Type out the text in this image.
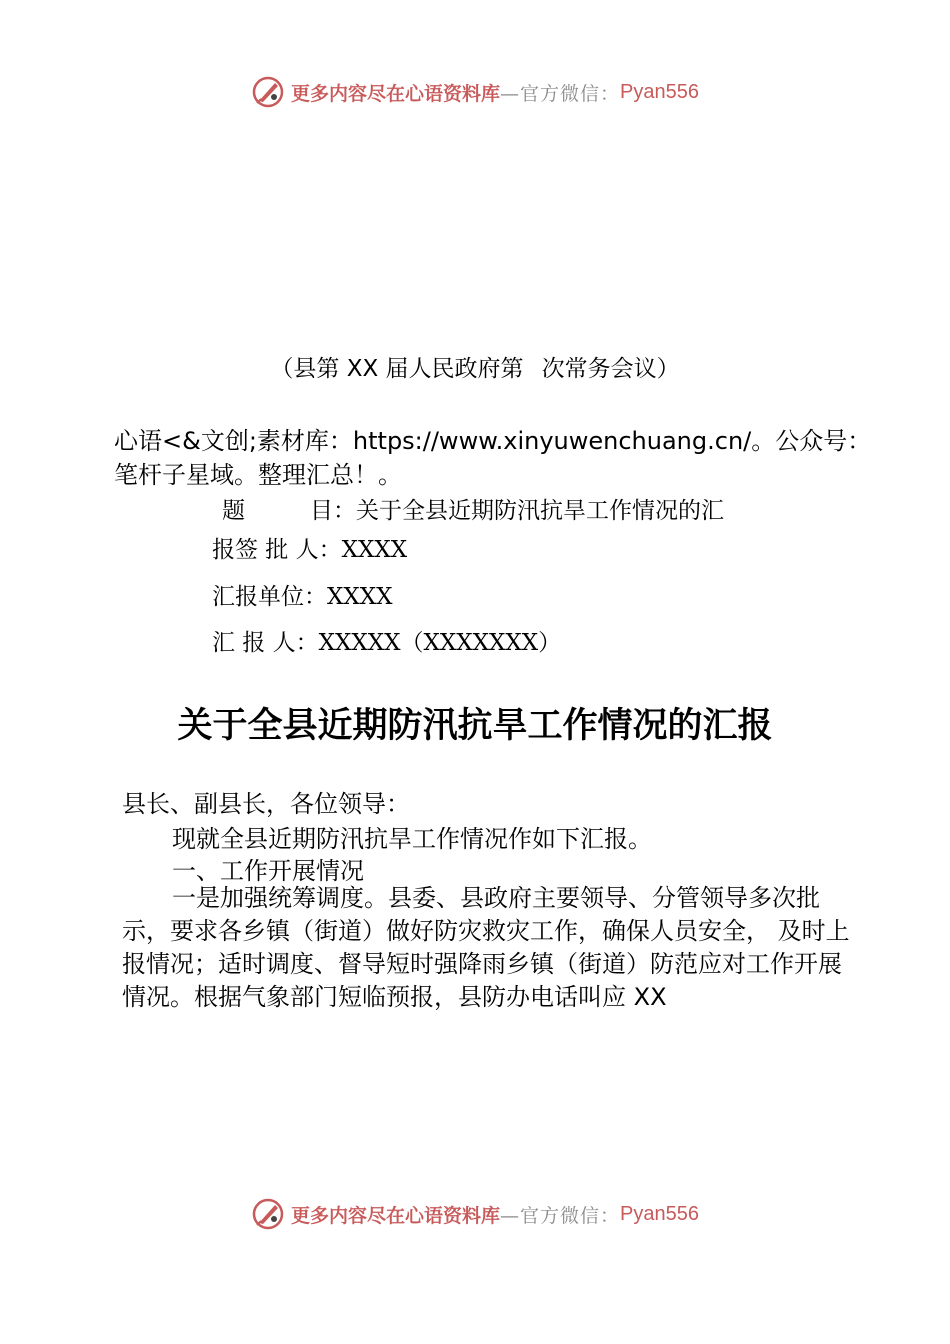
更多内容尽在心语资料库 —官方微信： Pyan556
（县第 XX 届人民政府第 次常务会议）
心语<&文创;素材库：https://www.xinyuwenchuang.cn/。公众号：笔杆子星域。整理汇总！。
题	目：关于全县近期防汛抗旱工作情况的汇
报签 批 人：XXXX
汇报单位：XXXX
汇 报 人：XXXXX（XXXXXXX）
关于全县近期防汛抗旱工作情况的汇报
县长、副县长，各位领导：
现就全县近期防汛抗旱工作情况作如下汇报。
一、工作开展情况
一是加强统筹调度。县委、县政府主要领导、分管领导多次批示，要求各乡镇（街道）做好防灾救灾工作，确保人员安全， 及时上报情况；适时调度、督导短时强降雨乡镇（街道）防范应对工作开展情况。根据气象部门短临预报，县防办电话叫应 XX
更多内容尽在心语资料库 —官方微信： Pyan556
